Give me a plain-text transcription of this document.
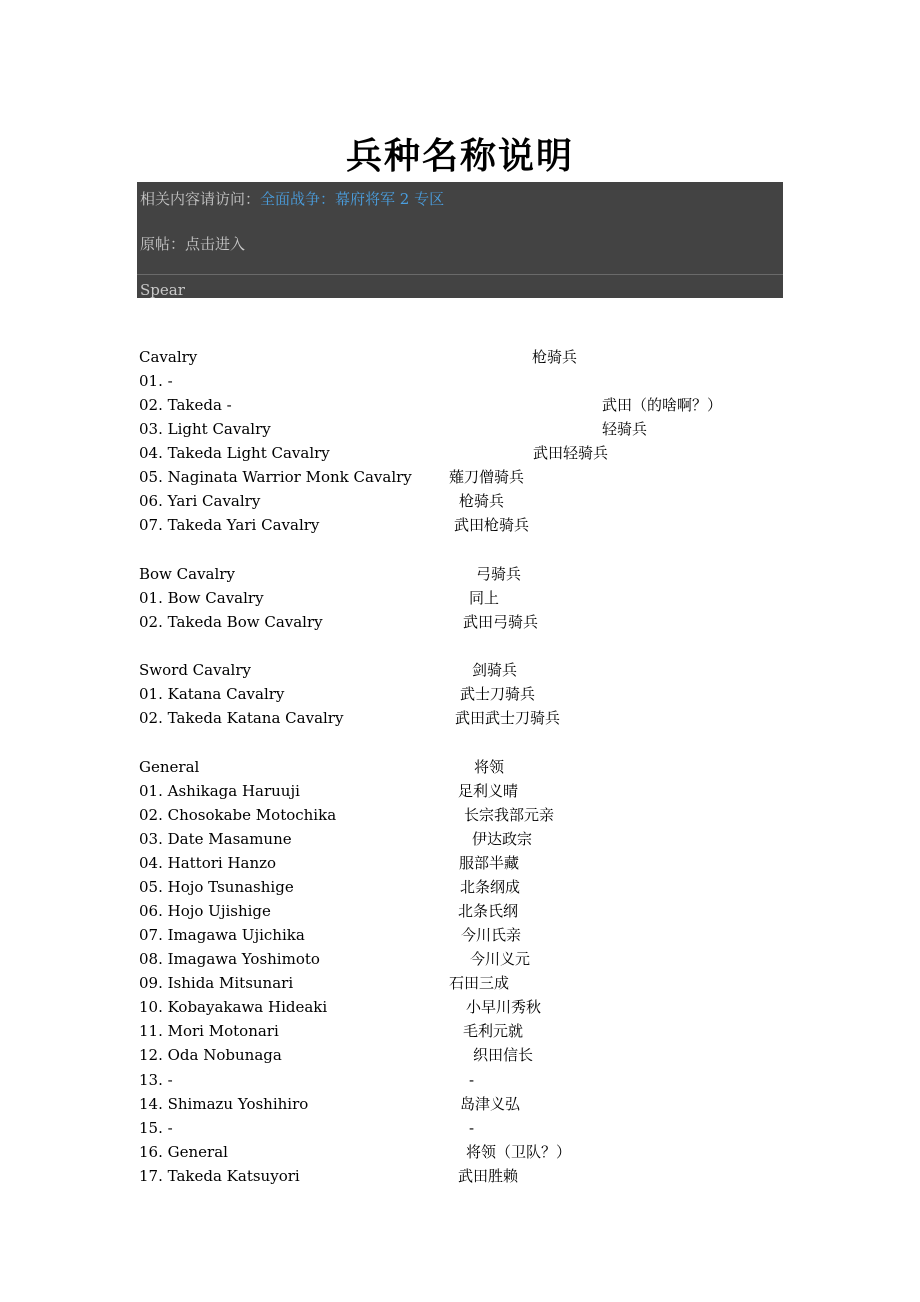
兵种名称说明
相关内容请访问：全面战争：幕府将军 2 专区
原帖：点击进入
Spear
Cavalry	枪骑兵
01. -
02. Takeda -	武田（的啥啊？）
03. Light Cavalry	轻骑兵
04. Takeda Light Cavalry	武田轻骑兵
05. Naginata Warrior Monk Cavalry 薙刀僧骑兵
06. Yari Cavalry	枪骑兵
07. Takeda Yari Cavalry	武田枪骑兵
Bow Cavalry	弓骑兵
01. Bow Cavalry	同上
02. Takeda Bow Cavalry	武田弓骑兵
Sword Cavalry	剑骑兵
01. Katana Cavalry	武士刀骑兵
02. Takeda Katana Cavalry	武田武士刀骑兵
General	将领
01. Ashikaga Haruuji	足利义晴
02. Chosokabe Motochika	长宗我部元亲
03. Date Masamune	伊达政宗
04. Hattori Hanzo	服部半藏
05. Hojo Tsunashige	北条纲成
06. Hojo Ujishige	北条氏纲
07. Imagawa Ujichika	今川氏亲
08. Imagawa Yoshimoto	今川义元
09. Ishida Mitsunari	石田三成
10. Kobayakawa Hideaki	小早川秀秋
11. Mori Motonari	毛利元就
12. Oda Nobunaga	织田信长
13. -	-
14. Shimazu Yoshihiro	岛津义弘
15. -	-
16. General	将领（卫队？）
17. Takeda Katsuyori	武田胜赖
